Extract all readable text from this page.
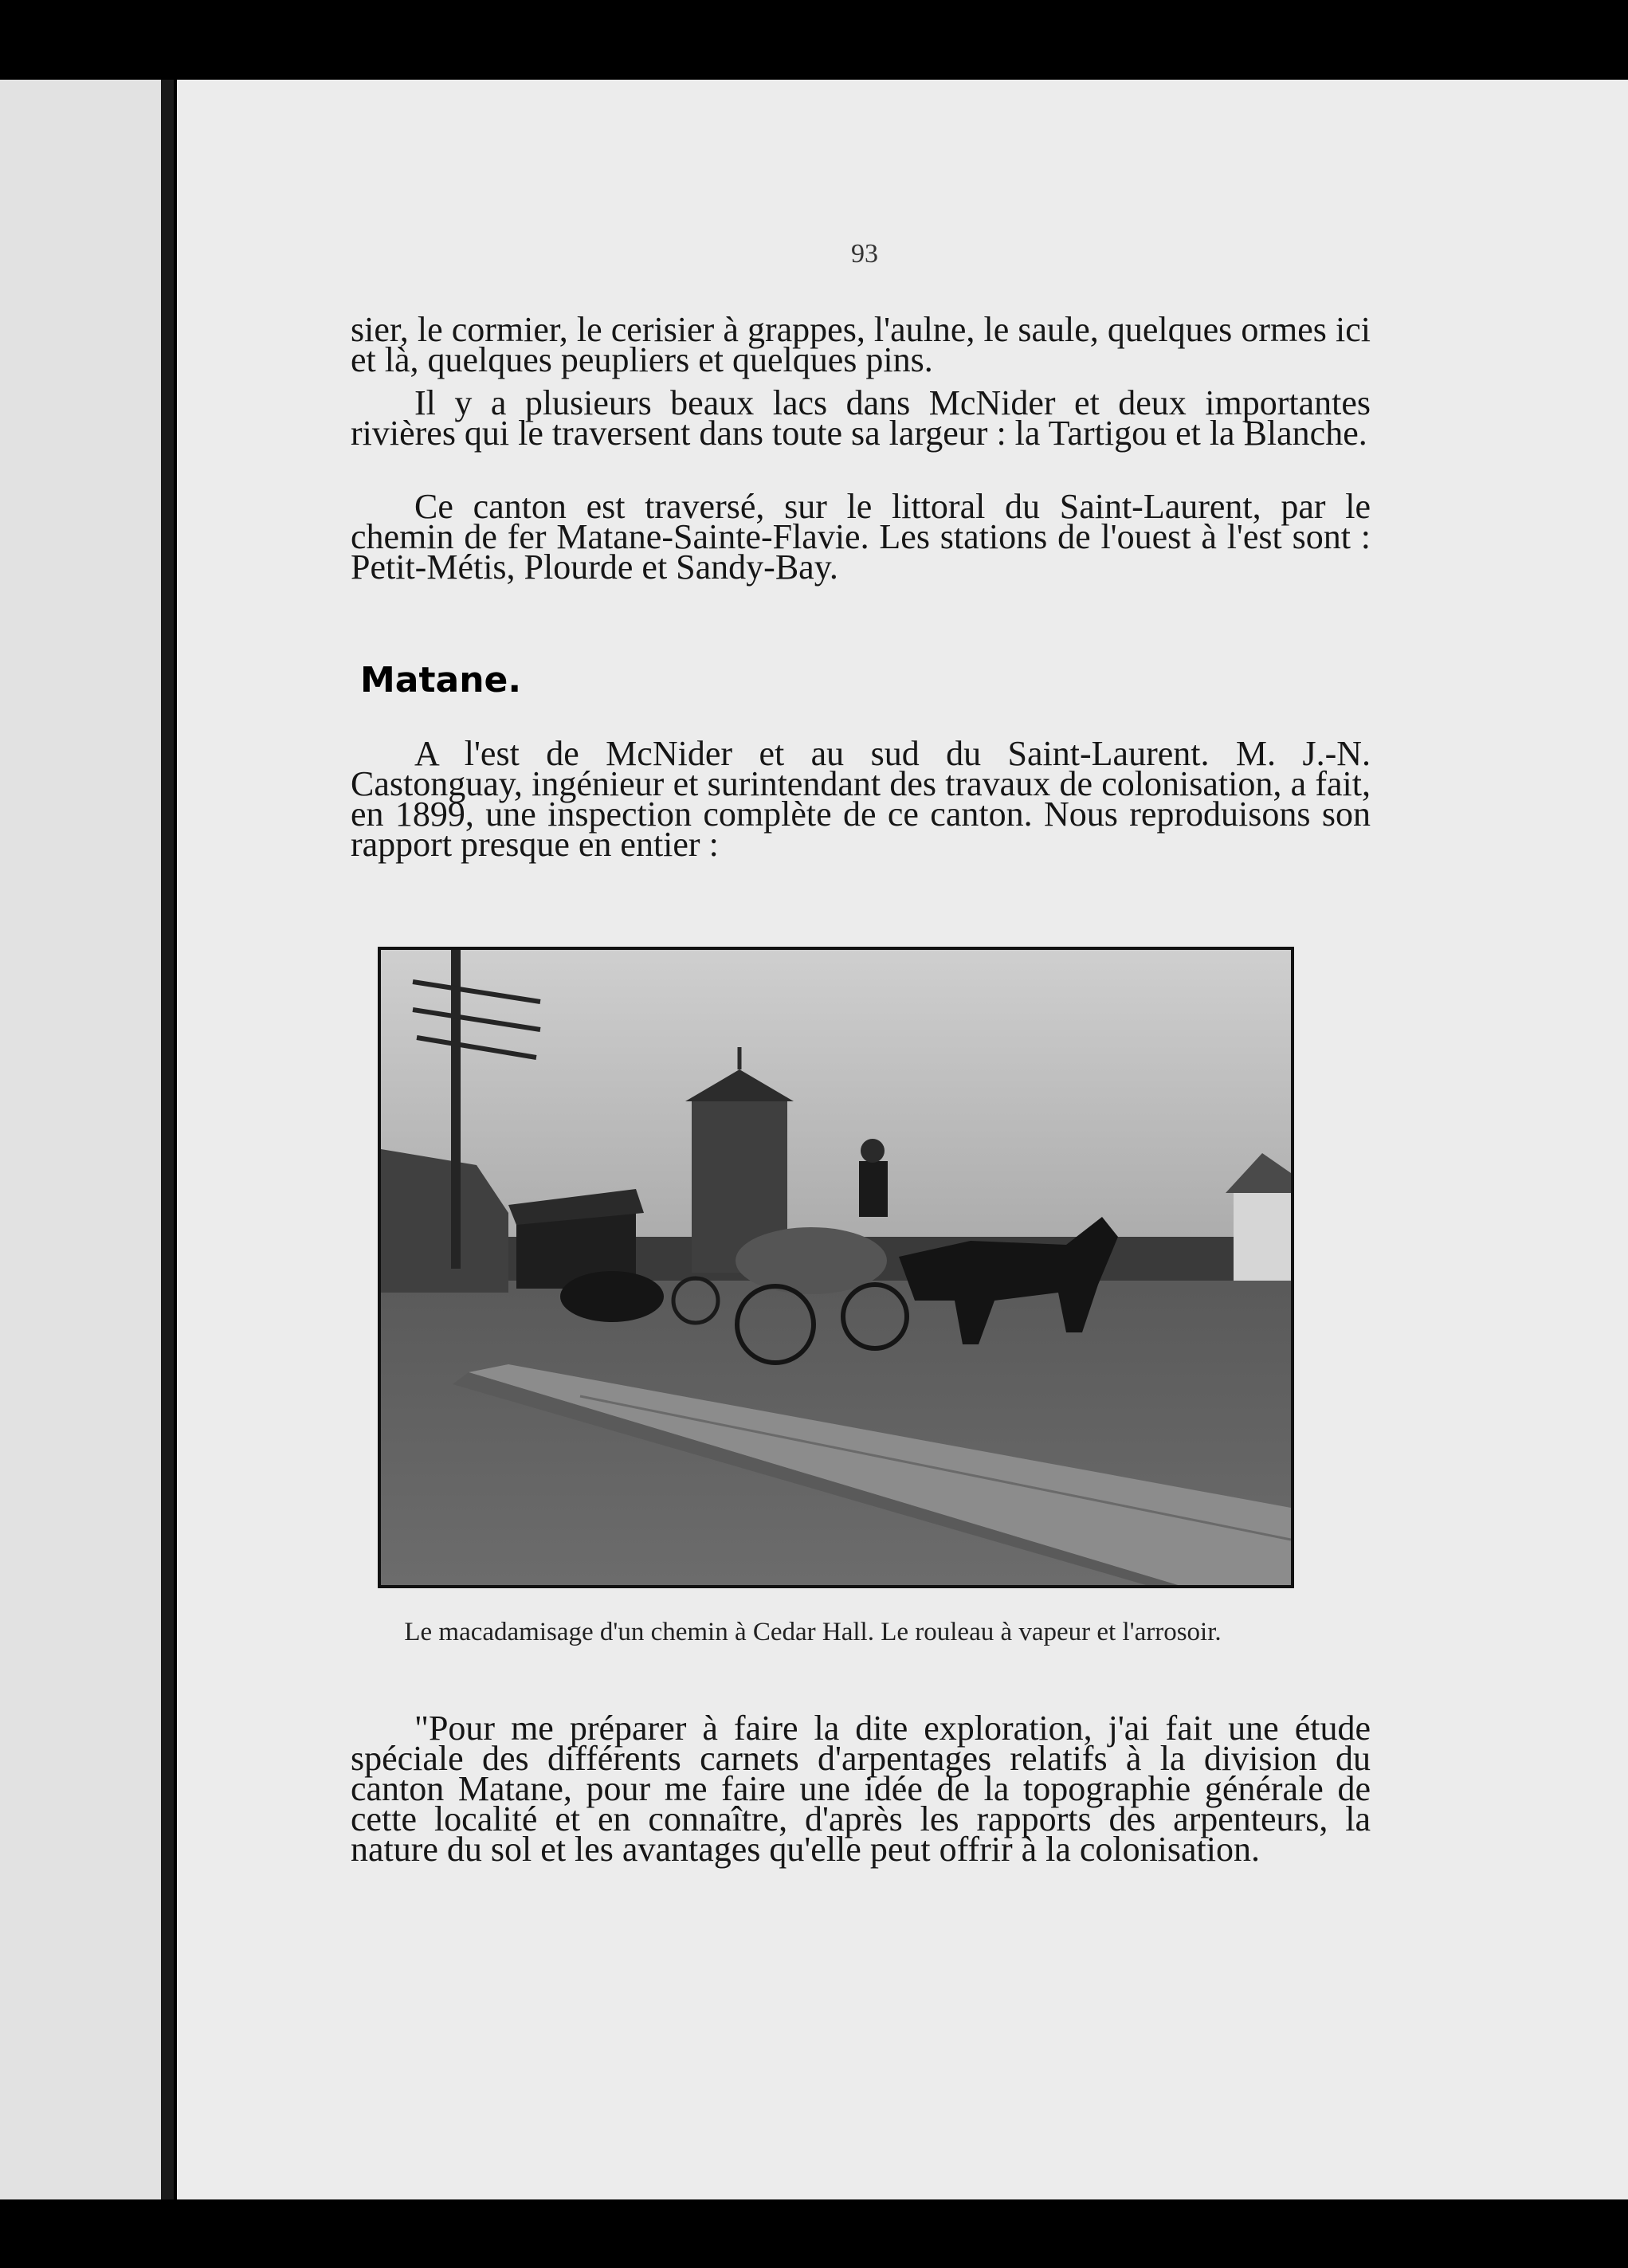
93

sier, le cormier, le cerisier à grappes, l'aulne, le saule, quelques ormes ici et là, quelques peupliers et quelques pins.

Il y a plusieurs beaux lacs dans McNider et deux importantes rivières qui le traversent dans toute sa largeur : la Tartigou et la Blanche.

Ce canton est traversé, sur le littoral du Saint-Laurent, par le chemin de fer Matane-Sainte-Flavie. Les stations de l'ouest à l'est sont : Petit-Métis, Plourde et Sandy-Bay.

Matane.

A l'est de McNider et au sud du Saint-Laurent. M. J.-N. Castonguay, ingénieur et surintendant des travaux de colonisation, a fait, en 1899, une inspection complète de ce canton. Nous reproduisons son rapport presque en entier :

Le macadamisage d'un chemin à Cedar Hall. Le rouleau à vapeur et l'arrosoir.

"Pour me préparer à faire la dite exploration, j'ai fait une étude spéciale des différents carnets d'arpentages relatifs à la division du canton Matane, pour me faire une idée de la topographie générale de cette localité et en connaître, d'après les rapports des arpenteurs, la nature du sol et les avantages qu'elle peut offrir à la colonisation.
